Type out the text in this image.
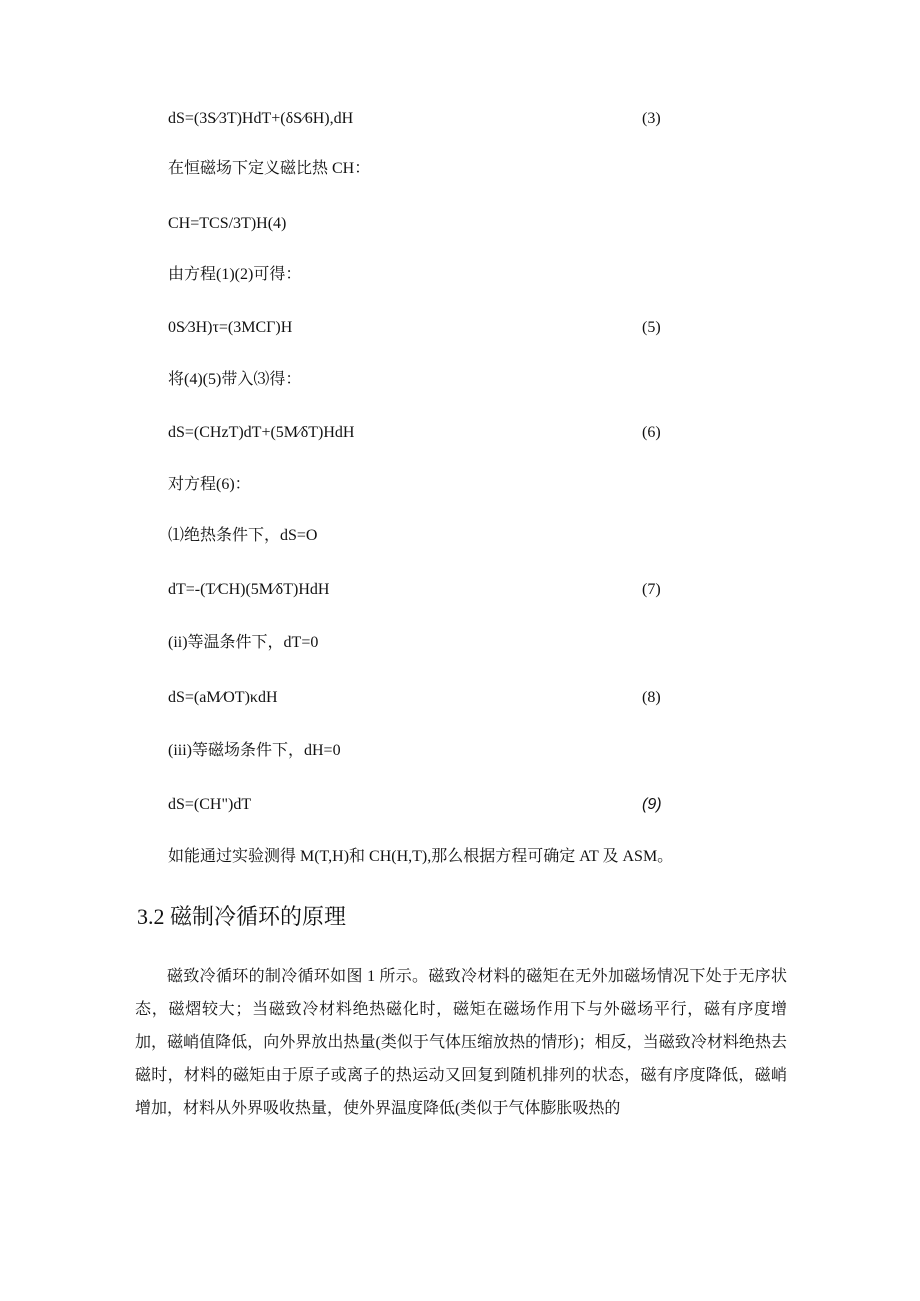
dS=(3S∕3T)HdT+(δS∕6H),dH	(3)
在恒磁场下定义磁比热 CH：
CH=TCS/3T)H(4)
由方程(1)(2)可得：
0S∕3H)τ=(3MCΓ)H	(5)
将(4)(5)带入⑶得：
dS=(CHzT)dT+(5M∕δT)HdH	(6)
对方程(6)：
⑴绝热条件下，dS=O
dT=-(T∕CH)(5M∕δT)HdH	(7)
(ii)等温条件下，dT=0
dS=(aM∕OT)κdH	(8)
(iii)等磁场条件下，dH=0
dS=(CH")dT	(9)
如能通过实验测得 M(T,H)和 CH(H,T),那么根据方程可确定 AT 及 ASM。
3.2 磁制冷循环的原理
磁致冷循环的制冷循环如图 1 所示。磁致冷材料的磁矩在无外加磁场情况下处于无序状态，磁熠较大；当磁致冷材料绝热磁化时，磁矩在磁场作用下与外磁场平行，磁有序度增加，磁峭值降低，向外界放出热量(类似于气体压缩放热的情形)；相反，当磁致冷材料绝热去磁时，材料的磁矩由于原子或离子的热运动又回复到随机排列的状态，磁有序度降低，磁峭增加，材料从外界吸收热量，使外界温度降低(类似于气体膨胀吸热的
